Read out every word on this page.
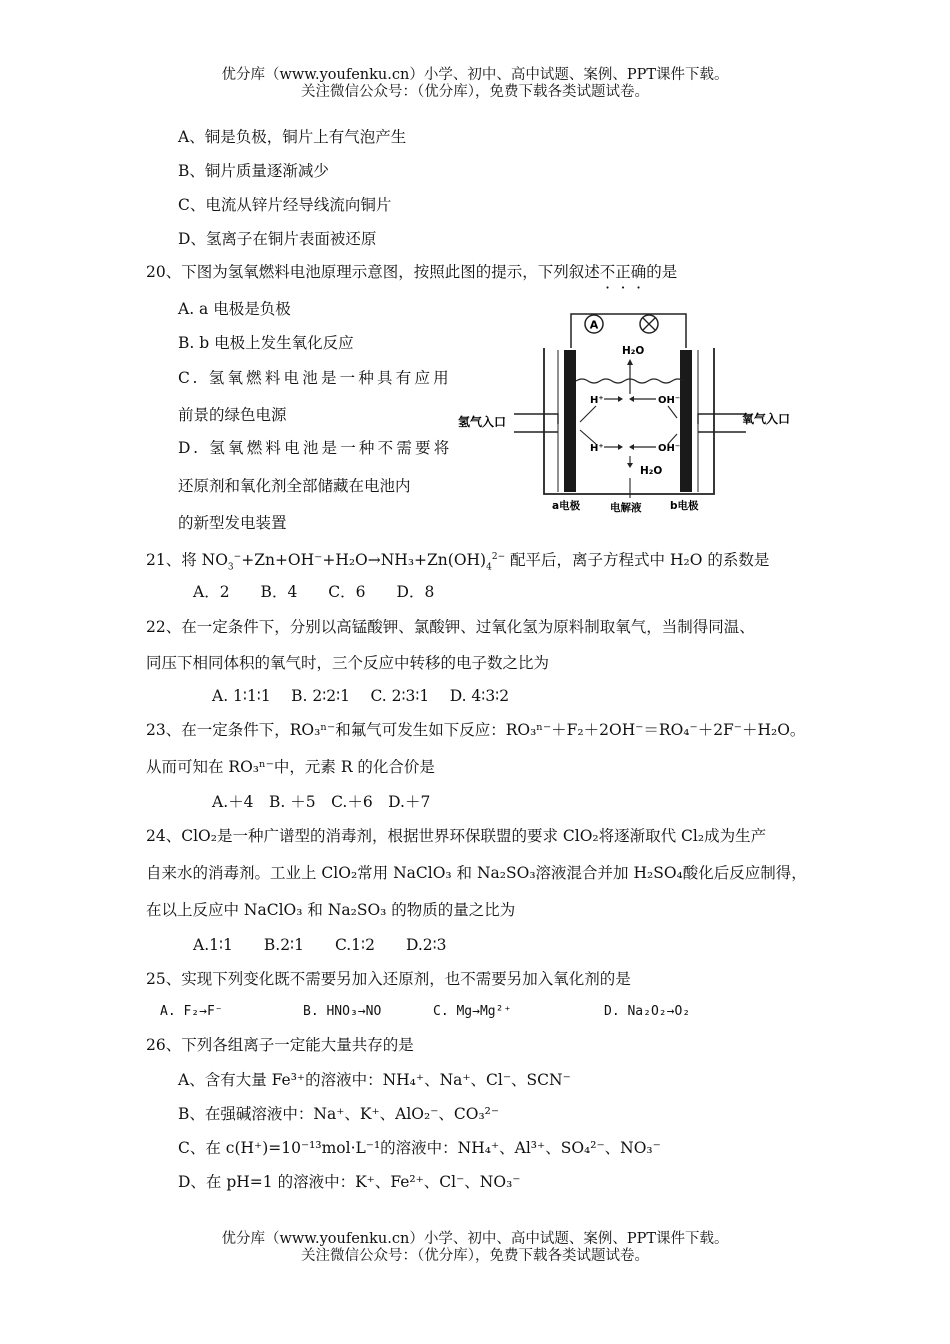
优分库（www.youfenku.cn）小学、初中、高中试题、案例、PPT课件下载。
关注微信公众号：（优分库），免费下载各类试题试卷。
A、铜是负极，铜片上有气泡产生
B、铜片质量逐渐减少
C、电流从锌片经导线流向铜片
D、氢离子在铜片表面被还原
20、下图为氢氧燃料电池原理示意图，按照此图的提示，下列叙述不正确的是
A. a 电极是负极
B. b 电极上发生氧化反应
C. 氢氧燃料电池是一种具有应用
前景的绿色电源
D. 氢氧燃料电池是一种不需要将
还原剂和氧化剂全部储藏在电池内
的新型发电装置
A
氢气入口	氧气入口
H₂O
H⁺	OH⁻
H⁺	OH⁻
H₂O
a电极	电解液	b电极
21、将 $NO_3^-+Zn+OH^-+H_2O\to NH_3+Zn(OH)_4^{2-}$ 配平后，离子方程式中 H₂O 的系数是
A．2　　B．4　　C．6　　D．8
22、在一定条件下，分别以高锰酸钾、氯酸钾、过氧化氢为原料制取氧气，当制得同温、
同压下相同体积的氧气时，三个反应中转移的电子数之比为
A. 1∶1∶1　 B. 2∶2∶1　 C. 2∶3∶1　 D. 4∶3∶2
23、在一定条件下，RO₃ⁿ⁻和氟气可发生如下反应：RO₃ⁿ⁻＋F₂＋2OH⁻＝RO₄⁻＋2F⁻＋H₂O。
从而可知在 RO₃ⁿ⁻中，元素 R 的化合价是
A.＋4　B. ＋5　C.＋6　D.＋7
24、ClO₂是一种广谱型的消毒剂，根据世界环保联盟的要求 ClO₂将逐渐取代 Cl₂成为生产
自来水的消毒剂。工业上 ClO₂常用 NaClO₃ 和 Na₂SO₃溶液混合并加 H₂SO₄酸化后反应制得，
在以上反应中 NaClO₃ 和 Na₂SO₃ 的物质的量之比为
A.1∶1　　B.2∶1　　C.1∶2　　D.2∶3
25、实现下列变化既不需要另加入还原剂，也不需要另加入氧化剂的是
A. F₂→F⁻	B. HNO₃→NO	C. Mg→Mg²⁺	D. Na₂O₂→O₂
26、下列各组离子一定能大量共存的是
A、含有大量 Fe³⁺的溶液中：NH₄⁺、Na⁺、Cl⁻、SCN⁻
B、在强碱溶液中：Na⁺、K⁺、AlO₂⁻、CO₃²⁻
C、在 c(H⁺)=10⁻¹³mol·L⁻¹的溶液中：NH₄⁺、Al³⁺、SO₄²⁻、NO₃⁻
D、在 pH=1 的溶液中：K⁺、Fe²⁺、Cl⁻、NO₃⁻
优分库（www.youfenku.cn）小学、初中、高中试题、案例、PPT课件下载。
关注微信公众号：（优分库），免费下载各类试题试卷。
